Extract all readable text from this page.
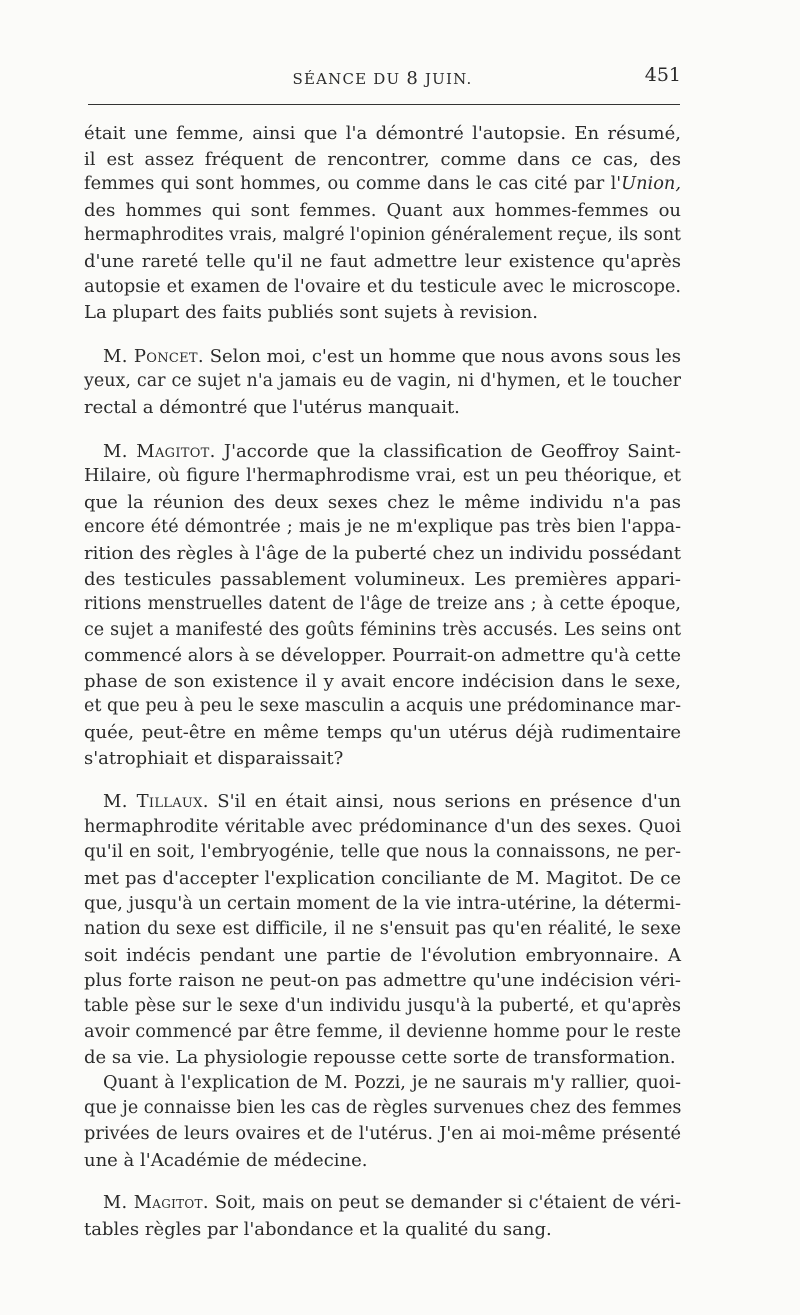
SÉANCE DU 8 JUIN.	451
était une femme, ainsi que l'a démontré l'autopsie. En résumé,
il est assez fréquent de rencontrer, comme dans ce cas, des
femmes qui sont hommes, ou comme dans le cas cité par l'Union,
des hommes qui sont femmes. Quant aux hommes-femmes ou
hermaphrodites vrais, malgré l'opinion généralement reçue, ils sont
d'une rareté telle qu'il ne faut admettre leur existence qu'après
autopsie et examen de l'ovaire et du testicule avec le microscope.
La plupart des faits publiés sont sujets à revision.
M. Poncet. Selon moi, c'est un homme que nous avons sous les
yeux, car ce sujet n'a jamais eu de vagin, ni d'hymen, et le toucher
rectal a démontré que l'utérus manquait.
M. Magitot. J'accorde que la classification de Geoffroy Saint-
Hilaire, où figure l'hermaphrodisme vrai, est un peu théorique, et
que la réunion des deux sexes chez le même individu n'a pas
encore été démontrée ; mais je ne m'explique pas très bien l'appa-
rition des règles à l'âge de la puberté chez un individu possédant
des testicules passablement volumineux. Les premières appari-
ritions menstruelles datent de l'âge de treize ans ; à cette époque,
ce sujet a manifesté des goûts féminins très accusés. Les seins ont
commencé alors à se développer. Pourrait-on admettre qu'à cette
phase de son existence il y avait encore indécision dans le sexe,
et que peu à peu le sexe masculin a acquis une prédominance mar-
quée, peut-être en même temps qu'un utérus déjà rudimentaire
s'atrophiait et disparaissait?
M. Tillaux. S'il en était ainsi, nous serions en présence d'un
hermaphrodite véritable avec prédominance d'un des sexes. Quoi
qu'il en soit, l'embryogénie, telle que nous la connaissons, ne per-
met pas d'accepter l'explication conciliante de M. Magitot. De ce
que, jusqu'à un certain moment de la vie intra-utérine, la détermi-
nation du sexe est difficile, il ne s'ensuit pas qu'en réalité, le sexe
soit indécis pendant une partie de l'évolution embryonnaire. A
plus forte raison ne peut-on pas admettre qu'une indécision véri-
table pèse sur le sexe d'un individu jusqu'à la puberté, et qu'après
avoir commencé par être femme, il devienne homme pour le reste
de sa vie. La physiologie repousse cette sorte de transformation.
Quant à l'explication de M. Pozzi, je ne saurais m'y rallier, quoi-
que je connaisse bien les cas de règles survenues chez des femmes
privées de leurs ovaires et de l'utérus. J'en ai moi-même présenté
une à l'Académie de médecine.
M. Magitot. Soit, mais on peut se demander si c'étaient de véri-
tables règles par l'abondance et la qualité du sang.
